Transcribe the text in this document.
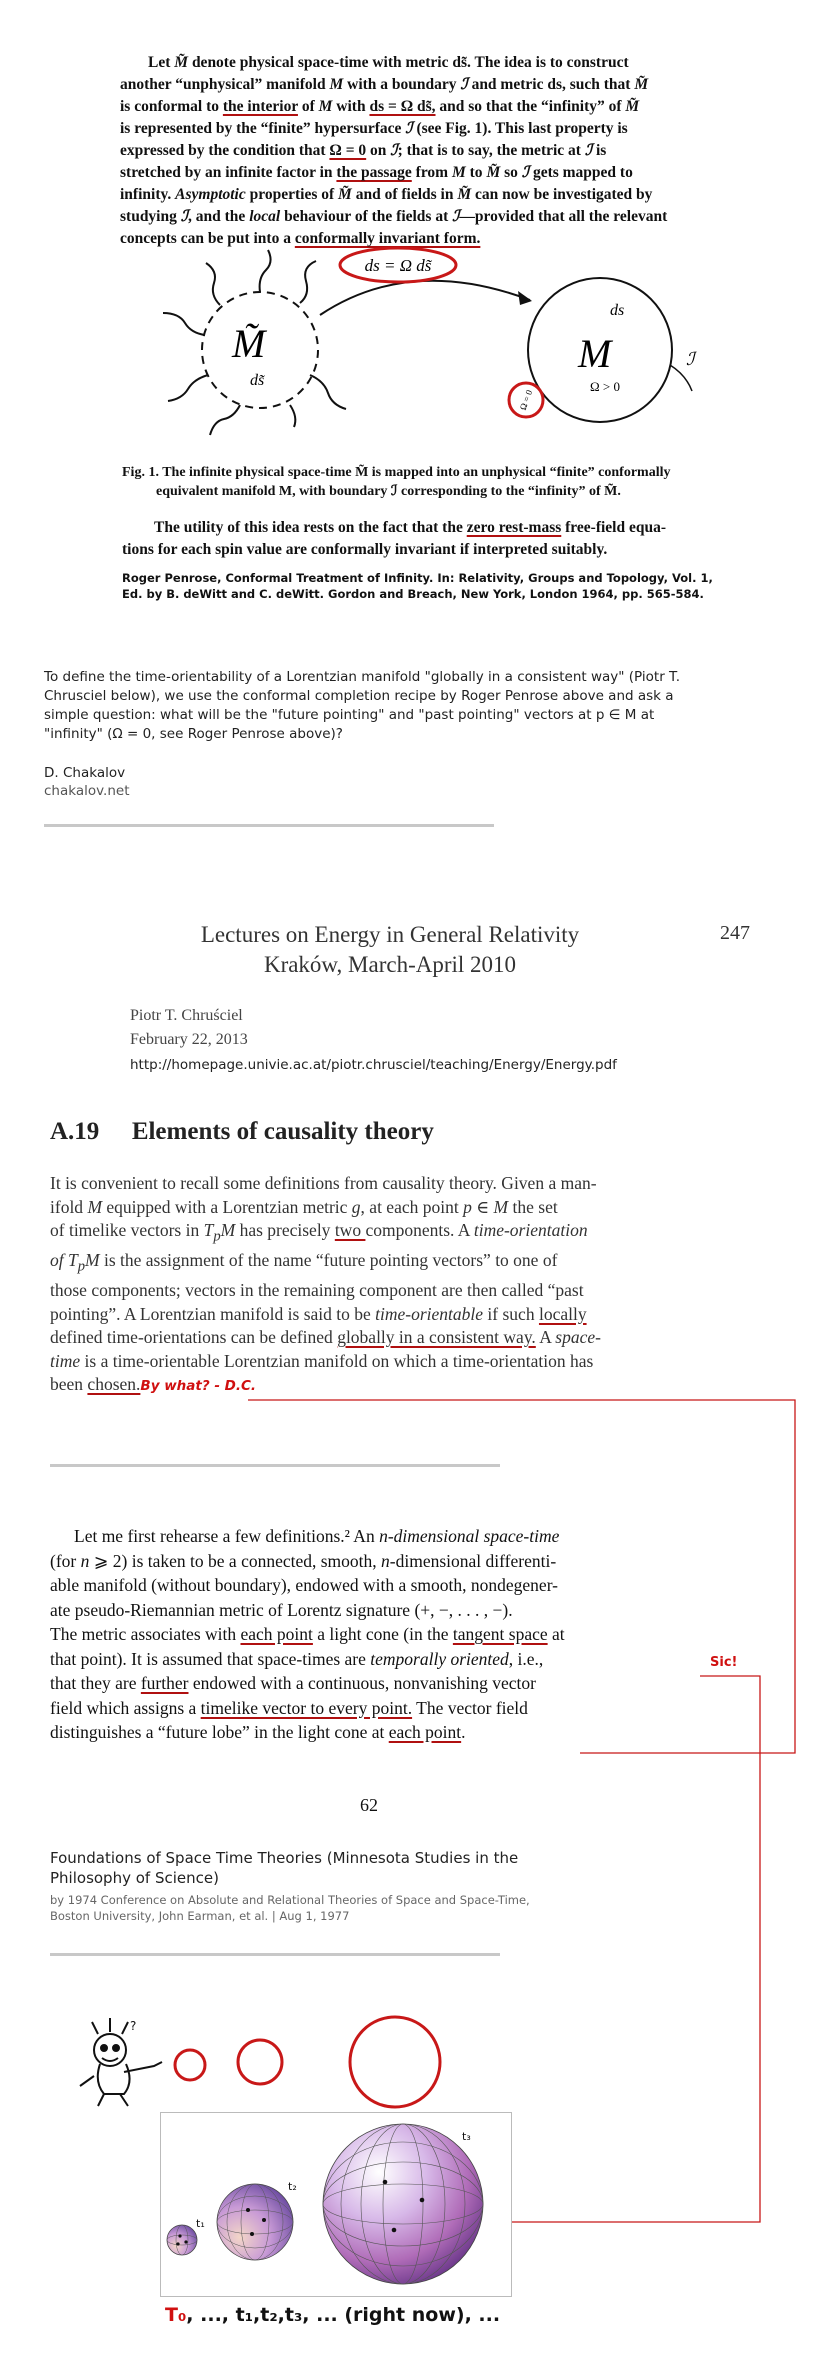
Let M̃ denote physical space-time with metric ds̃. The idea is to construct

another “unphysical” manifold M with a boundary ℐ and metric ds, such that M̃

is conformal to the interior of M with ds = Ω ds̃, and so that the “infinity” of M̃

is represented by the “finite” hypersurface ℐ (see Fig. 1). This last property is

expressed by the condition that Ω = 0 on ℐ; that is to say, the metric at ℐ is

stretched by an infinite factor in the passage from M to M̃ so ℐ gets mapped to

infinity. Asymptotic properties of M̃ and of fields in M̃ can now be investigated by

studying ℐ, and the local behaviour of the fields at ℐ—provided that all the relevant

concepts can be put into a conformally invariant form.

M̃
ds̃
ds = Ω ds̃
ds
M
Ω > 0
ℐ
Ω = 0
Fig. 1. The infinite physical space-time M̃ is mapped into an unphysical “finite” conformally
equivalent manifold M, with boundary ℐ corresponding to the “infinity” of M̃.
The utility of this idea rests on the fact that the zero rest-mass free-field equa-
tions for each spin value are conformally invariant if interpreted suitably.
Roger Penrose, Conformal Treatment of Infinity. In: Relativity, Groups and Topology, Vol. 1,
Ed. by B. deWitt and C. deWitt. Gordon and Breach, New York, London 1964, pp. 565-584.
To define the time-orientability of a Lorentzian manifold "globally in a consistent way" (Piotr T.
Chrusciel below), we use the conformal completion recipe by Roger Penrose above and ask a
simple question: what will be the "future pointing" and "past pointing" vectors at p ∈ M at
"infinity" (Ω = 0, see Roger Penrose above)?
D. Chakalov
chakalov.net
Lectures on Energy in General Relativity
Kraków, March-April 2010
247
Piotr T. Chruściel
February 22, 2013
http://homepage.univie.ac.at/piotr.chrusciel/teaching/Energy/Energy.pdf
A.19 Elements of causality theory

It is convenient to recall some definitions from causality theory. Given a man-

ifold M equipped with a Lorentzian metric g, at each point p ∈ M the set

of timelike vectors in $T_pM$ has precisely two components. A time-orientation

of $T_pM$ is the assignment of the name “future pointing vectors” to one of

those components; vectors in the remaining component are then called “past

pointing”. A Lorentzian manifold is said to be time-orientable if such locally

defined time-orientations can be defined globally in a consistent way. A space-

time is a time-orientable Lorentzian manifold on which a time-orientation has

been chosen.By what? - D.C.

Let me first rehearse a few definitions.² An n-dimensional space-time

(for n ⩾ 2) is taken to be a connected, smooth, n-dimensional differenti-

able manifold (without boundary), endowed with a smooth, nondegener-

ate pseudo-Riemannian metric of Lorentz signature (+, −, . . . , −).

The metric associates with each point a light cone (in the tangent space at

that point). It is assumed that space-times are temporally oriented, i.e.,

that they are further endowed with a continuous, nonvanishing vector

field which assigns a timelike vector to every point. The vector field

distinguishes a “future lobe” in the light cone at each point.

Sic!
62
Foundations of Space Time Theories (Minnesota Studies in the
Philosophy of Science)
by 1974 Conference on Absolute and Relational Theories of Space and Space-Time,
Boston University, John Earman, et al. | Aug 1, 1977
?
t₁
t₂
t₃
T₀, ..., t₁,t₂,t₃, ... (right now), ...
